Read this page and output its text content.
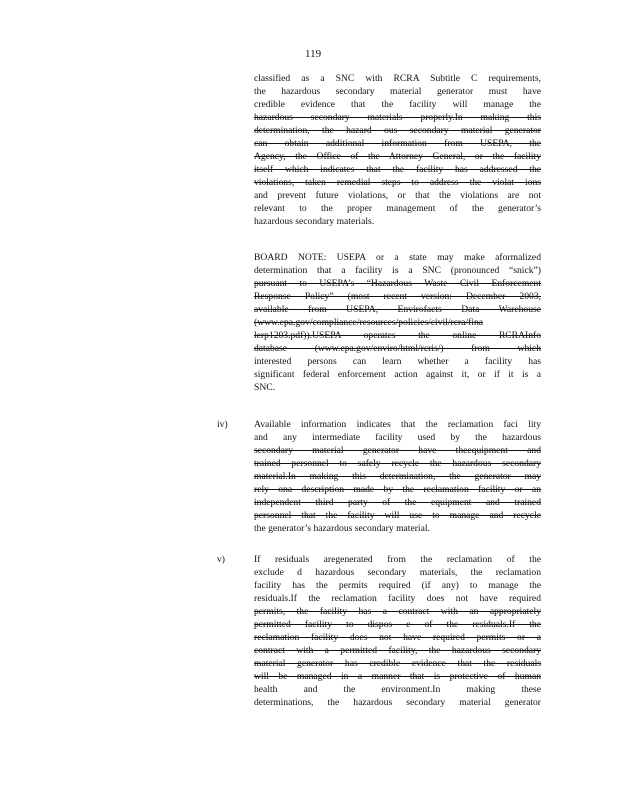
119
classified as a SNC with RCRA Subtitle C requirements,
the hazardous secondary material generator must have
credible evidence that the facility will manage the
hazardous secondary materials properly.In making this
determination, the hazard ous secondary material generator
can obtain additional information from USEPA, the
Agency, the Office of the Attorney General, or the facility
itself which indicates that the facility has addressed the
violations, taken remedial steps to address the violat ions
and prevent future violations, or that the violations are not
relevant to the proper management of the generator’s
hazardous secondary materials.
BOARD NOTE: USEPA or a state may make aformalized
determination that a facility is a SNC (pronounced “snick”)
pursuant to USEPA’s “Hazardous Waste Civil Enforcement
Response Policy” (most recent version: December 2003,
available from USEPA, Envirofacts Data Warehouse
(www.epa.gov/compliance/resources/policies/civil/rcra/fina
lerp1203.pdf)).USEPA operates the online RCRAInfo
database (www.epa.gov/enviro/html/rcris/) from which
interested persons can learn whether a facility has
significant federal enforcement action against it, or if it is a
SNC.
iv)	Available information indicates that the reclamation faci lity
and any intermediate facility used by the hazardous
secondary material generator have theequipment and
trained personnel to safely recycle the hazardous secondary
material.In making this determination, the generator may
rely ona description made by the reclamation facility or an
independent third party of the equipment and trained
personnel that the facility will use to manage and recycle
the generator’s hazardous secondary material.
v)	If residuals aregenerated from the reclamation of the
exclude d hazardous secondary materials, the reclamation
facility has the permits required (if any) to manage the
residuals.If the reclamation facility does not have required
permits, the facility has a contract with an appropriately
permitted facility to dispos e of the residuals.If the
reclamation facility does not have required permits or a
contract with a permitted facility, the hazardous secondary
material generator has credible evidence that the residuals
will be managed in a manner that is protective of human
health and the environment.In making these
determinations, the hazardous secondary material generator
